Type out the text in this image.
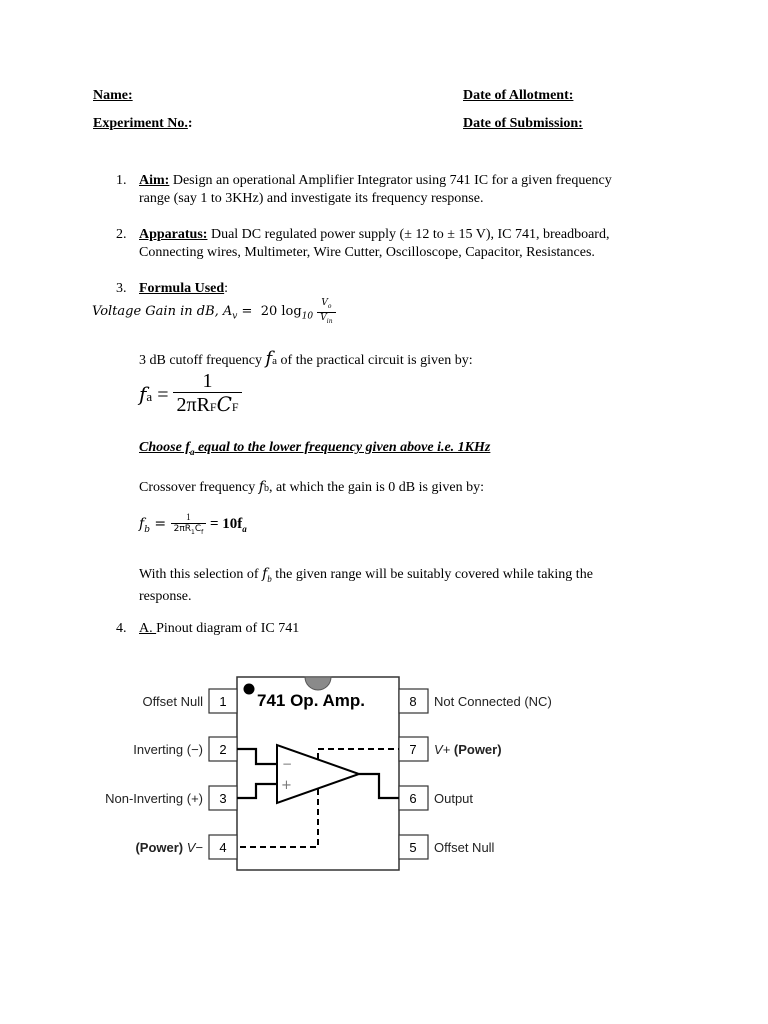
Name:
Experiment No.:
Date of Allotment:
Date of Submission:
1. Aim: Design an operational Amplifier Integrator using 741 IC for a given frequency
range (say 1 to 3KHz) and investigate its frequency response.
2. Apparatus: Dual DC regulated power supply (± 12 to ± 15 V), IC 741, breadboard,
Connecting wires, Multimeter, Wire Cutter, Oscilloscope, Capacitor, Resistances.
3. Formula Used:
Voltage Gain in dB, $A_v = 20$ $\log_{10} \frac{V_o}{V_{in}}$
3 dB cutoff frequency fa of the practical circuit is given by:
fa = $\frac{1}{\text{2πRFCF}}$
Choose $f_a$ equal to the lower frequency given above i.e. 1KHz
Crossover frequency fb, at which the gain is 0 dB is given by:
$f_b = \frac{1}{2\pi R_1C_f} = 10f_a$
With this selection of $f_b$ the given range will be suitably covered while taking the
response.
4. A. Pinout diagram of IC 741
−
+
741 Op. Amp.
1
2
3
4
8
7
6
5
Offset Null
Inverting (−)
Non-Inverting (+)
(Power) V−
Not Connected (NC)
V+ (Power)
Output
Offset Null
